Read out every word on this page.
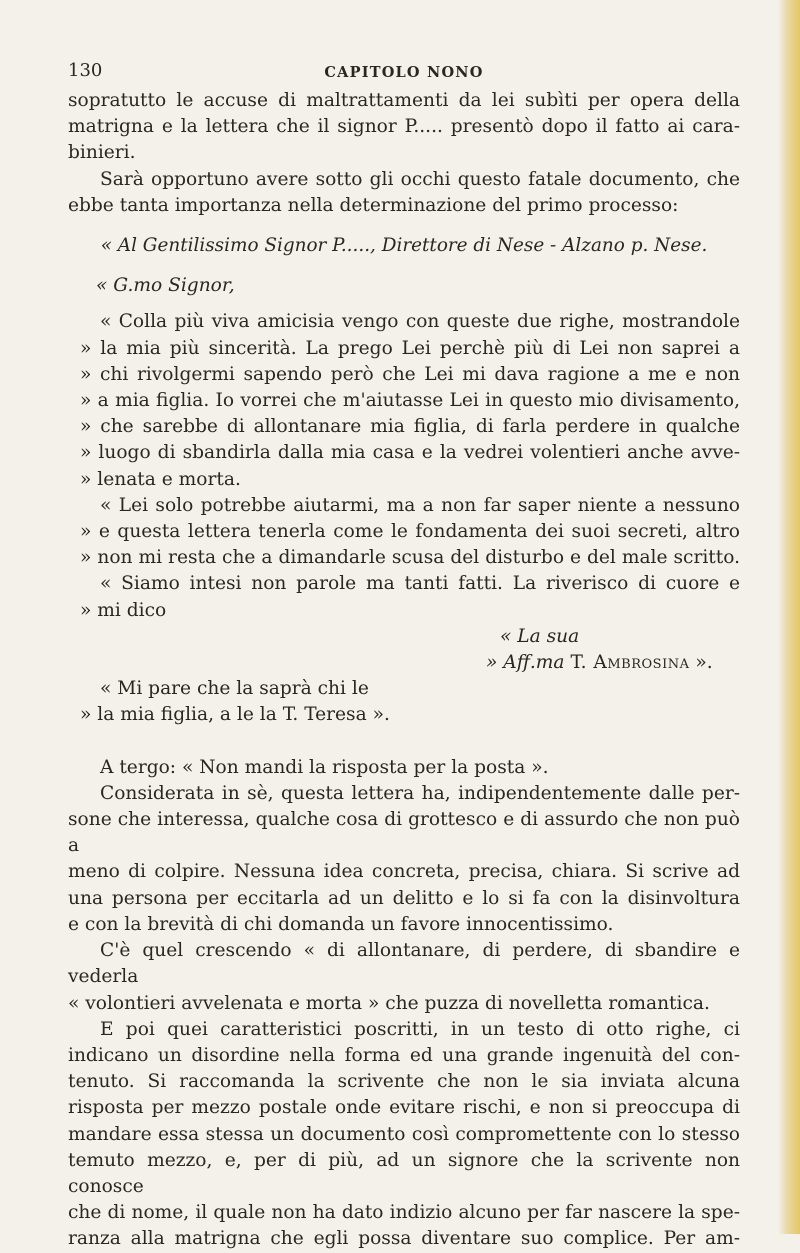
130	CAPITOLO NONO

sopratutto le accuse di maltrattamenti da lei subìti per opera della

matrigna e la lettera che il signor P..... presentò dopo il fatto ai cara-

binieri.

Sarà opportuno avere sotto gli occhi questo fatale documento, che

ebbe tanta importanza nella determinazione del primo processo:

« Al Gentilissimo Signor P....., Direttore di Nese - Alzano p. Nese.

« G.mo Signor,

« Colla più viva amicisia vengo con queste due righe, mostrandole

» la mia più sincerità. La prego Lei perchè più di Lei non saprei a

» chi rivolgermi sapendo però che Lei mi dava ragione a me e non

» a mia figlia. Io vorrei che m'aiutasse Lei in questo mio divisamento,

» che sarebbe di allontanare mia figlia, di farla perdere in qualche

» luogo di sbandirla dalla mia casa e la vedrei volentieri anche avve-

» lenata e morta.

« Lei solo potrebbe aiutarmi, ma a non far saper niente a nessuno

» e questa lettera tenerla come le fondamenta dei suoi secreti, altro

» non mi resta che a dimandarle scusa del disturbo e del male scritto.

« Siamo intesi non parole ma tanti fatti. La riverisco di cuore e

» mi dico

« La sua

» Aff.ma T. Ambrosina ».

« Mi pare che la saprà chi le

» la mia figlia, a le la T. Teresa ».

A tergo: « Non mandi la risposta per la posta ».

Considerata in sè, questa lettera ha, indipendentemente dalle per-

sone che interessa, qualche cosa di grottesco e di assurdo che non può a

meno di colpire. Nessuna idea concreta, precisa, chiara. Si scrive ad

una persona per eccitarla ad un delitto e lo si fa con la disinvoltura

e con la brevità di chi domanda un favore innocentissimo.

C'è quel crescendo « di allontanare, di perdere, di sbandire e vederla

« volontieri avvelenata e morta » che puzza di novelletta romantica.

E poi quei caratteristici poscritti, in un testo di otto righe, ci

indicano un disordine nella forma ed una grande ingenuità del con-

tenuto. Si raccomanda la scrivente che non le sia inviata alcuna

risposta per mezzo postale onde evitare rischi, e non si preoccupa di

mandare essa stessa un documento così compromettente con lo stesso

temuto mezzo, e, per di più, ad un signore che la scrivente non conosce

che di nome, il quale non ha dato indizio alcuno per far nascere la spe-

ranza alla matrigna che egli possa diventare suo complice. Per am-
